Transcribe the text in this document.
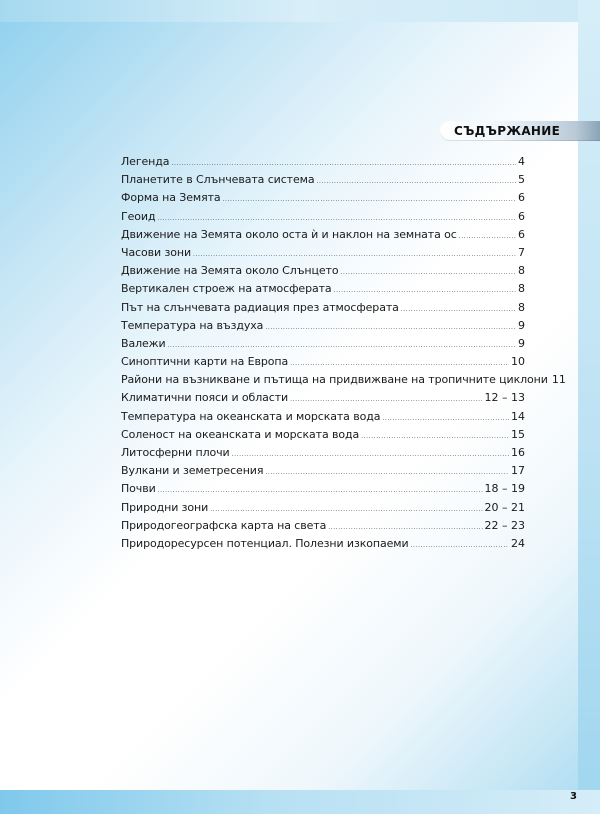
СЪДЪРЖАНИЕ
Легенда .....	4
Планетите в Слънчевата система .....	5
Форма на Земята .....	6
Геоид .....	6
Движение на Земята около оста ѝ и наклон на земната ос .....	6
Часови зони .....	7
Движение на Земята около Слънцето .....	8
Вертикален строеж на атмосферата .....	8
Път на слънчевата радиация през атмосферата .....	8
Температура на въздуха .....	9
Валежи .....	9
Синоптични карти на Европа .....	10
Райони на възникване и пътища на придвижване на тропичните циклони 11
Климатични пояси и области .....	12 – 13
Температура на океанската и морската вода .....	14
Соленост на океанската и морската вода .....	15
Литосферни плочи .....	16
Вулкани и земетресения .....	17
Почви .....	18 – 19
Природни зони .....	20 – 21
Природогеографска карта на света .....	22 – 23
Природоресурсен потенциал. Полезни изкопаеми .....	24
3
